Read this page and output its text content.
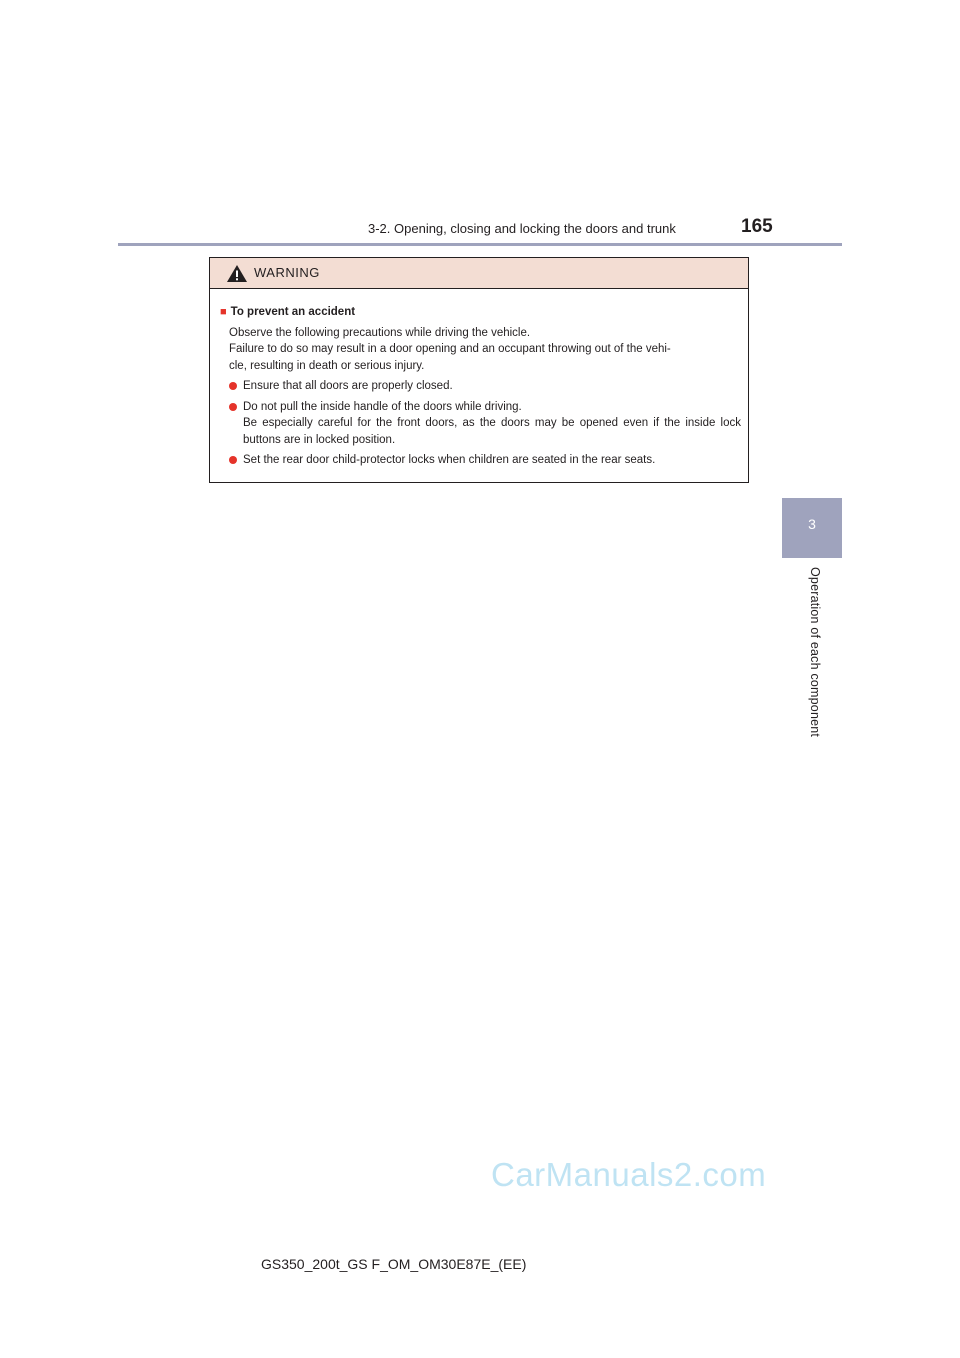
3-2. Opening, closing and locking the doors and trunk	165
3
Operation of each component
WARNING
■ To prevent an accident
Observe the following precautions while driving the vehicle.
Failure to do so may result in a door opening and an occupant throwing out of the vehi-
cle, resulting in death or serious injury.
Ensure that all doors are properly closed.
Do not pull the inside handle of the doors while driving.
Be especially careful for the front doors, as the doors may be opened even if the inside lock buttons are in locked position.
Set the rear door child-protector locks when children are seated in the rear seats.
CarManuals2.com
GS350_200t_GS F_OM_OM30E87E_(EE)
